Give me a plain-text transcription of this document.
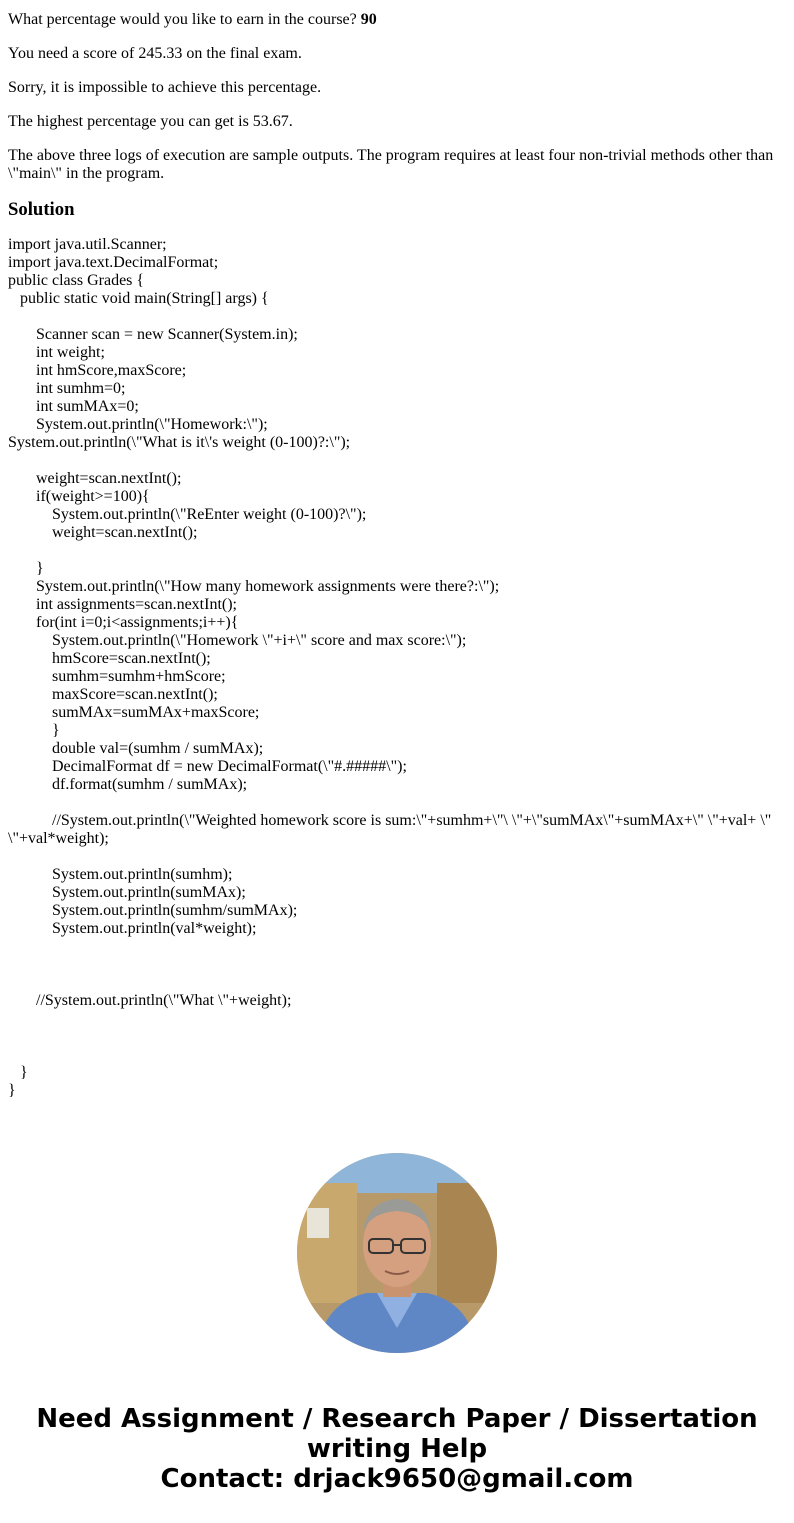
What percentage would you like to earn in the course? 90

You need a score of 245.33 on the final exam.

Sorry, it is impossible to achieve this percentage.

The highest percentage you can get is 53.67.

The above three logs of execution are sample outputs. The program requires at least four non-trivial methods other than \"main\" in the program.

Solution
import java.util.Scanner;
import java.text.DecimalFormat;
public class Grades {
public static void main(String[] args) {
Scanner scan = new Scanner(System.in);
int weight;
int hmScore,maxScore;
int sumhm=0;
int sumMAx=0;
System.out.println(\"Homework:\");
System.out.println(\"What is it\'s weight (0-100)?:\");
weight=scan.nextInt();
if(weight>=100){
System.out.println(\"ReEnter weight (0-100)?\");
weight=scan.nextInt();
}
System.out.println(\"How many homework assignments were there?:\");
int assignments=scan.nextInt();
for(int i=0;i<assignments;i++){
System.out.println(\"Homework \"+i+\" score and max score:\");
hmScore=scan.nextInt();
sumhm=sumhm+hmScore;
maxScore=scan.nextInt();
sumMAx=sumMAx+maxScore;
}
double val=(sumhm / sumMAx);
DecimalFormat df = new DecimalFormat(\"#.#####\");
df.format(sumhm / sumMAx);
//System.out.println(\"Weighted homework score is sum:\"+sumhm+\"\ \"+\"sumMAx\"+sumMAx+\" \"+val+ \" \"+val*weight);
System.out.println(sumhm);
System.out.println(sumMAx);
System.out.println(sumhm/sumMAx);
System.out.println(val*weight);
//System.out.println(\"What \"+weight);
}
}
Need Assignment / Research Paper / Dissertation
writing Help
Contact: drjack9650@gmail.com
